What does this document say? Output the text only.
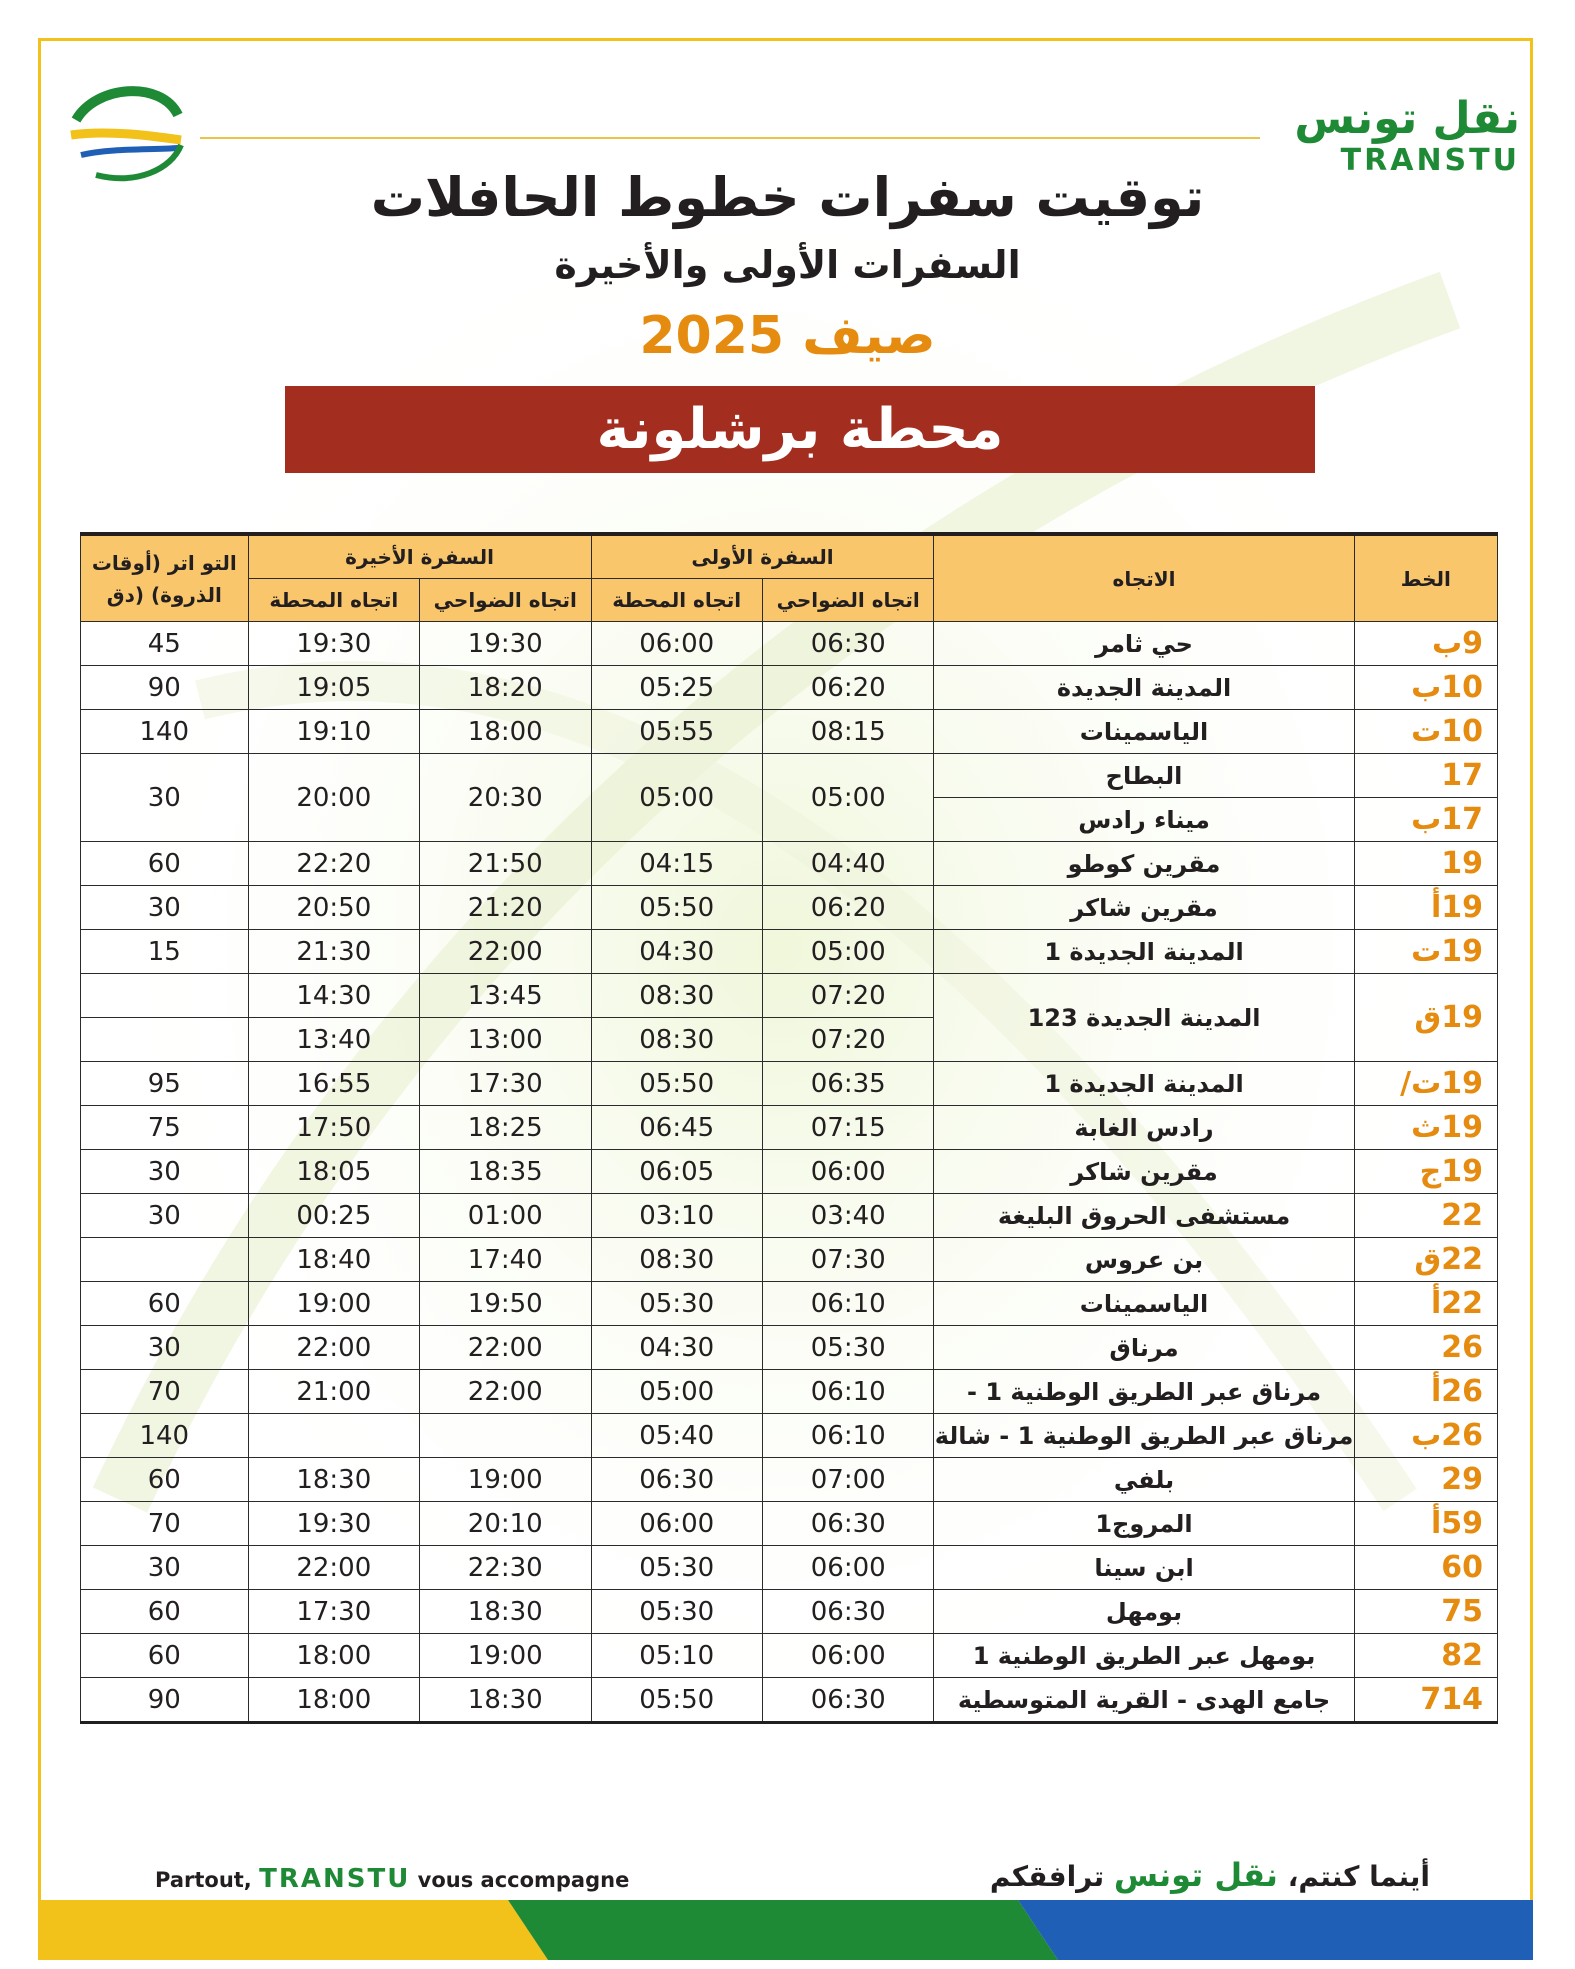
نقل تونس
TRANSTU
توقيت سفرات خطوط الحافلات
السفرات الأولى والأخيرة
صيف 2025
محطة برشلونة
الخط	الاتجاه	السفرة الأولى		السفرة الأخيرة		التو اتر (أوقات الذروة) (دق
		اتجاه الضواحي	اتجاه المحطة	اتجاه الضواحي	اتجاه المحطة	
9ب	حي ثامر	06:30	06:00	19:30	19:30	45
10ب	المدينة الجديدة	06:20	05:25	18:20	19:05	90
10ت	الياسمينات	08:15	05:55	18:00	19:10	140
17	البطاح	05:00	05:00	20:30	20:00	30
17ب	ميناء رادس					
19	مقرين كوطو	04:40	04:15	21:50	22:20	60
19أ	مقرين شاكر	06:20	05:50	21:20	20:50	30
19ت	المدينة الجديدة 1	05:00	04:30	22:00	21:30	15
19ق	المدينة الجديدة 123	07:20	08:30	13:45	14:30	
		07:20	08:30	13:00	13:40	
19ت/	المدينة الجديدة 1	06:35	05:50	17:30	16:55	95
19ث	رادس الغابة	07:15	06:45	18:25	17:50	75
19ج	مقرين شاكر	06:00	06:05	18:35	18:05	30
22	مستشفى الحروق البليغة	03:40	03:10	01:00	00:25	30
22ق	بن عروس	07:30	08:30	17:40	18:40	
22أ	الياسمينات	06:10	05:30	19:50	19:00	60
26	مرناق	05:30	04:30	22:00	22:00	30
26أ	مرناق عبر الطريق الوطنية 1 -	06:10	05:00	22:00	21:00	70
26ب	مرناق عبر الطريق الوطنية 1 - شالة	06:10	05:40			140
29	بلفي	07:00	06:30	19:00	18:30	60
59أ	المروج1	06:30	06:00	20:10	19:30	70
60	ابن سينا	06:00	05:30	22:30	22:00	30
75	بومهل	06:30	05:30	18:30	17:30	60
82	بومهل عبر الطريق الوطنية 1	06:00	05:10	19:00	18:00	60
714	جامع الهدى - القرية المتوسطية	06:30	05:50	18:30	18:00	90
Partout, TRANSTU vous accompagne	أينما كنتم، نقل تونس ترافقكم
